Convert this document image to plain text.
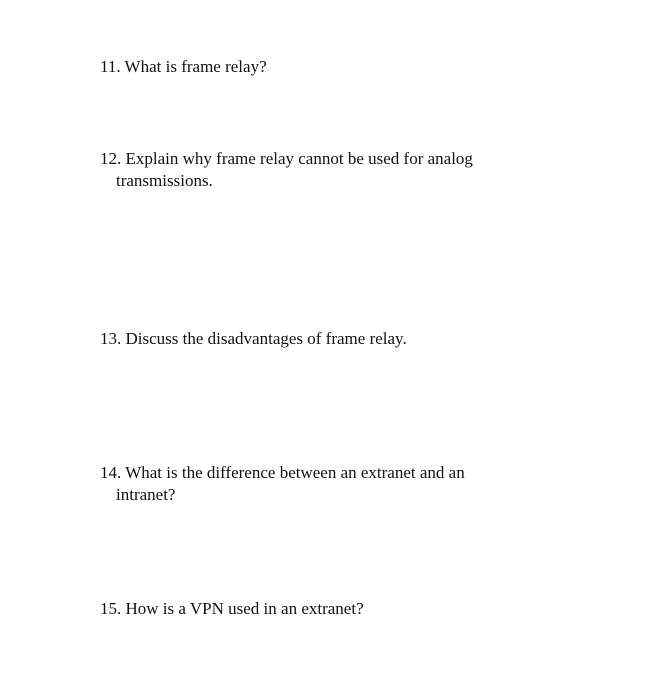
11. What is frame relay?

12. Explain why frame relay cannot be used for analog
transmissions.

13. Discuss the disadvantages of frame relay.

14. What is the difference between an extranet and an
intranet?

15. How is a VPN used in an extranet?
